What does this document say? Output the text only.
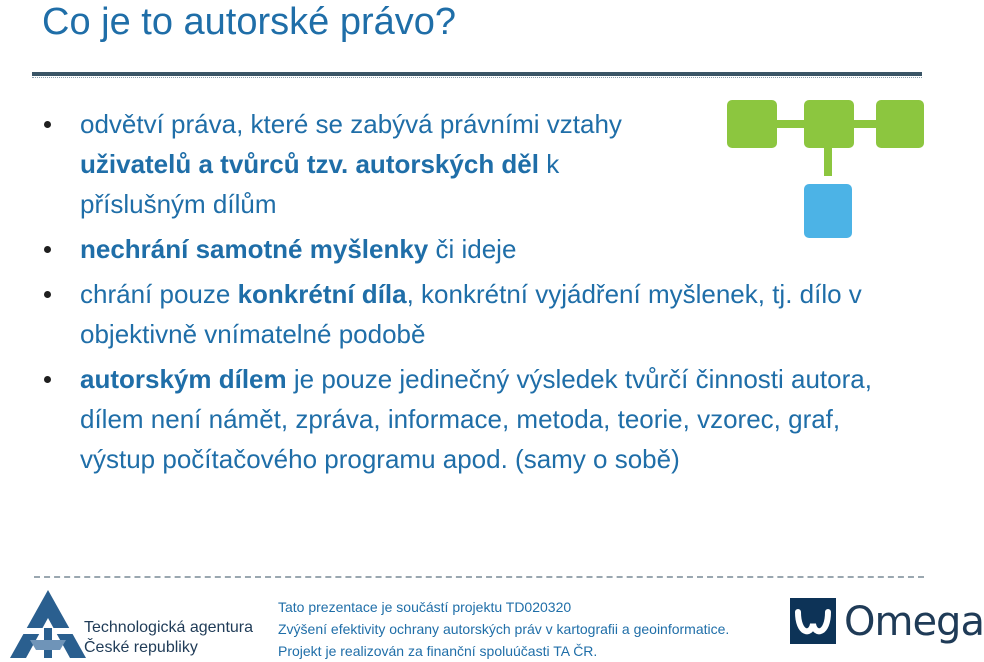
Co je to autorské právo?
odvětví práva, které se zabývá právními vztahy uživatelů a tvůrců tzv. autorských děl k příslušným dílům
nechrání samotné myšlenky či ideje
chrání pouze konkrétní díla, konkrétní vyjádření myšlenek, tj. dílo v objektivně vnímatelné podobě
autorským dílem je pouze jedinečný výsledek tvůrčí činnosti autora, dílem není námět, zpráva, informace, metoda, teorie, vzorec, graf, výstup počítačového programu apod. (samy o sobě)
Technologická agentura
České republiky
Tato prezentace je součástí projektu TD020320
Zvýšení efektivity ochrany autorských práv v kartografii a geoinformatice.
Projekt je realizován za finanční spoluúčasti TA ČR.
Omega
